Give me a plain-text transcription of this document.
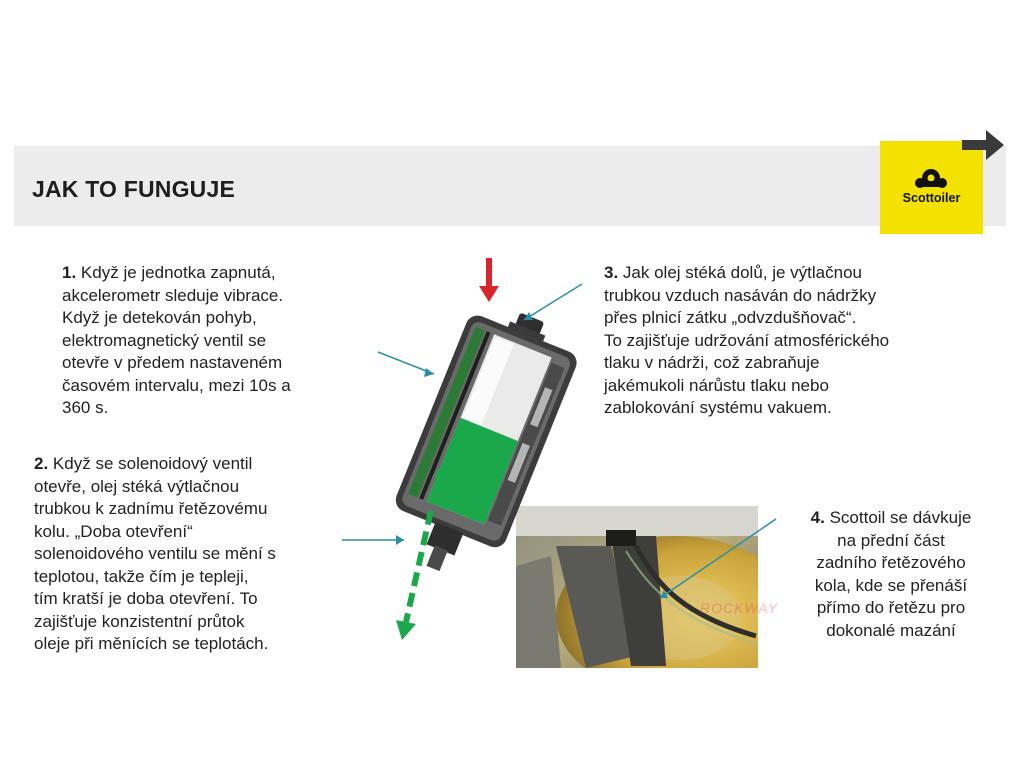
JAK TO FUNGUJE	Scottoiler
1. Když je jednotka zapnutá,
akcelerometr sleduje vibrace.
Když je detekován pohyb,
elektromagnetický ventil se
otevře v předem nastaveném
časovém intervalu, mezi 10s a
360 s.
2. Když se solenoidový ventil
otevře, olej stéká výtlačnou
trubkou k zadnímu řetězovému
kolu. „Doba otevření“
solenoidového ventilu se mění s
teplotou, takže čím je tepleji,
tím kratší je doba otevření. To
zajišťuje konzistentní průtok
oleje při měnících se teplotách.
3. Jak olej stéká dolů, je výtlačnou
trubkou vzduch nasáván do nádržky
přes plnicí zátku „odvzdušňovač“.
To zajišťuje udržování atmosférického
tlaku v nádrži, což zabraňuje
jakémukoli nárůstu tlaku nebo
zablokování systému vakuem.
4. Scottoil se dávkuje
na přední část
zadního řetězového
kola, kde se přenáší
přímo do řetězu pro
dokonalé mazání
ROCKWAY
